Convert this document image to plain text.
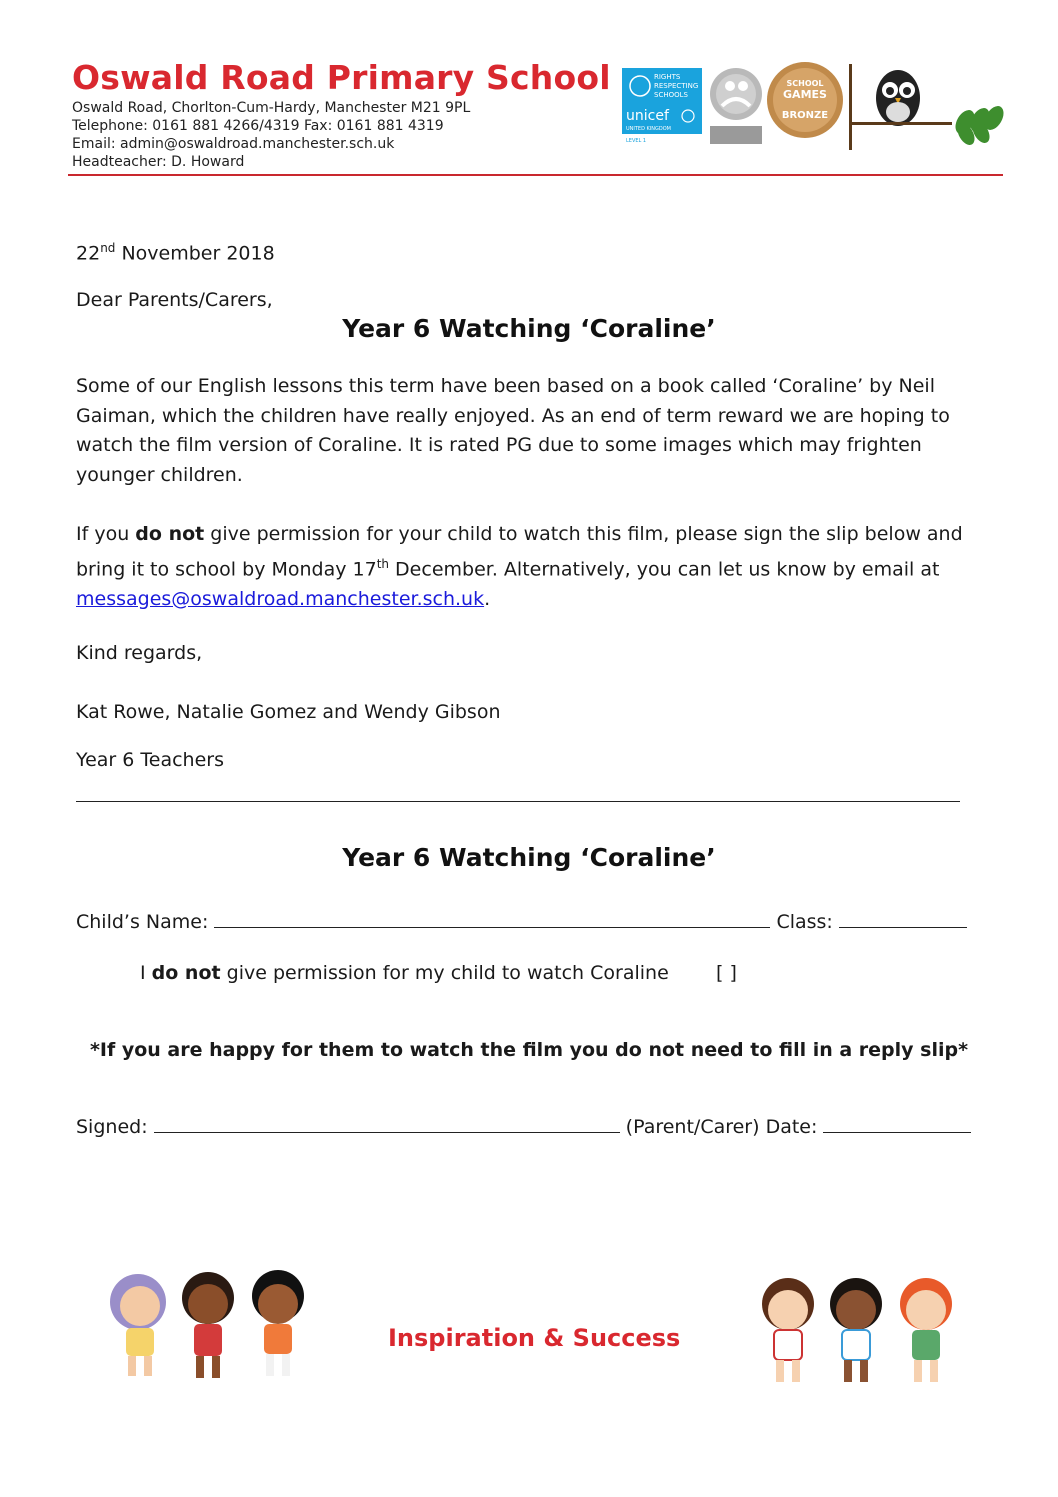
Oswald Road Primary School
Oswald Road, Chorlton-Cum-Hardy, Manchester M21 9PL
Telephone: 0161 881 4266/4319 Fax: 0161 881 4319
Email: admin@oswaldroad.manchester.sch.uk
Headteacher: D. Howard
RIGHTS
RESPECTING
SCHOOLS
unicef
UNITED KINGDOM
LEVEL 1
SCHOOL
GAMES
BRONZE
22nd November 2018
Dear Parents/Carers,
Year 6 Watching ‘Coraline’
Some of our English lessons this term have been based on a book called ‘Coraline’ by Neil Gaiman, which the children have really enjoyed. As an end of term reward we are hoping to watch the film version of Coraline. It is rated PG due to some images which may frighten younger children.
If you do not give permission for your child to watch this film, please sign the slip below and bring it to school by Monday 17th December. Alternatively, you can let us know by email at messages@oswaldroad.manchester.sch.uk.
Kind regards,
Kat Rowe, Natalie Gomez and Wendy Gibson
Year 6 Teachers
Year 6 Watching ‘Coraline’
Child’s Name:	Class:
I do not give permission for my child to watch Coraline [ ]
*If you are happy for them to watch the film you do not need to fill in a reply slip*
Signed:	(Parent/Carer) Date:
Inspiration & Success
